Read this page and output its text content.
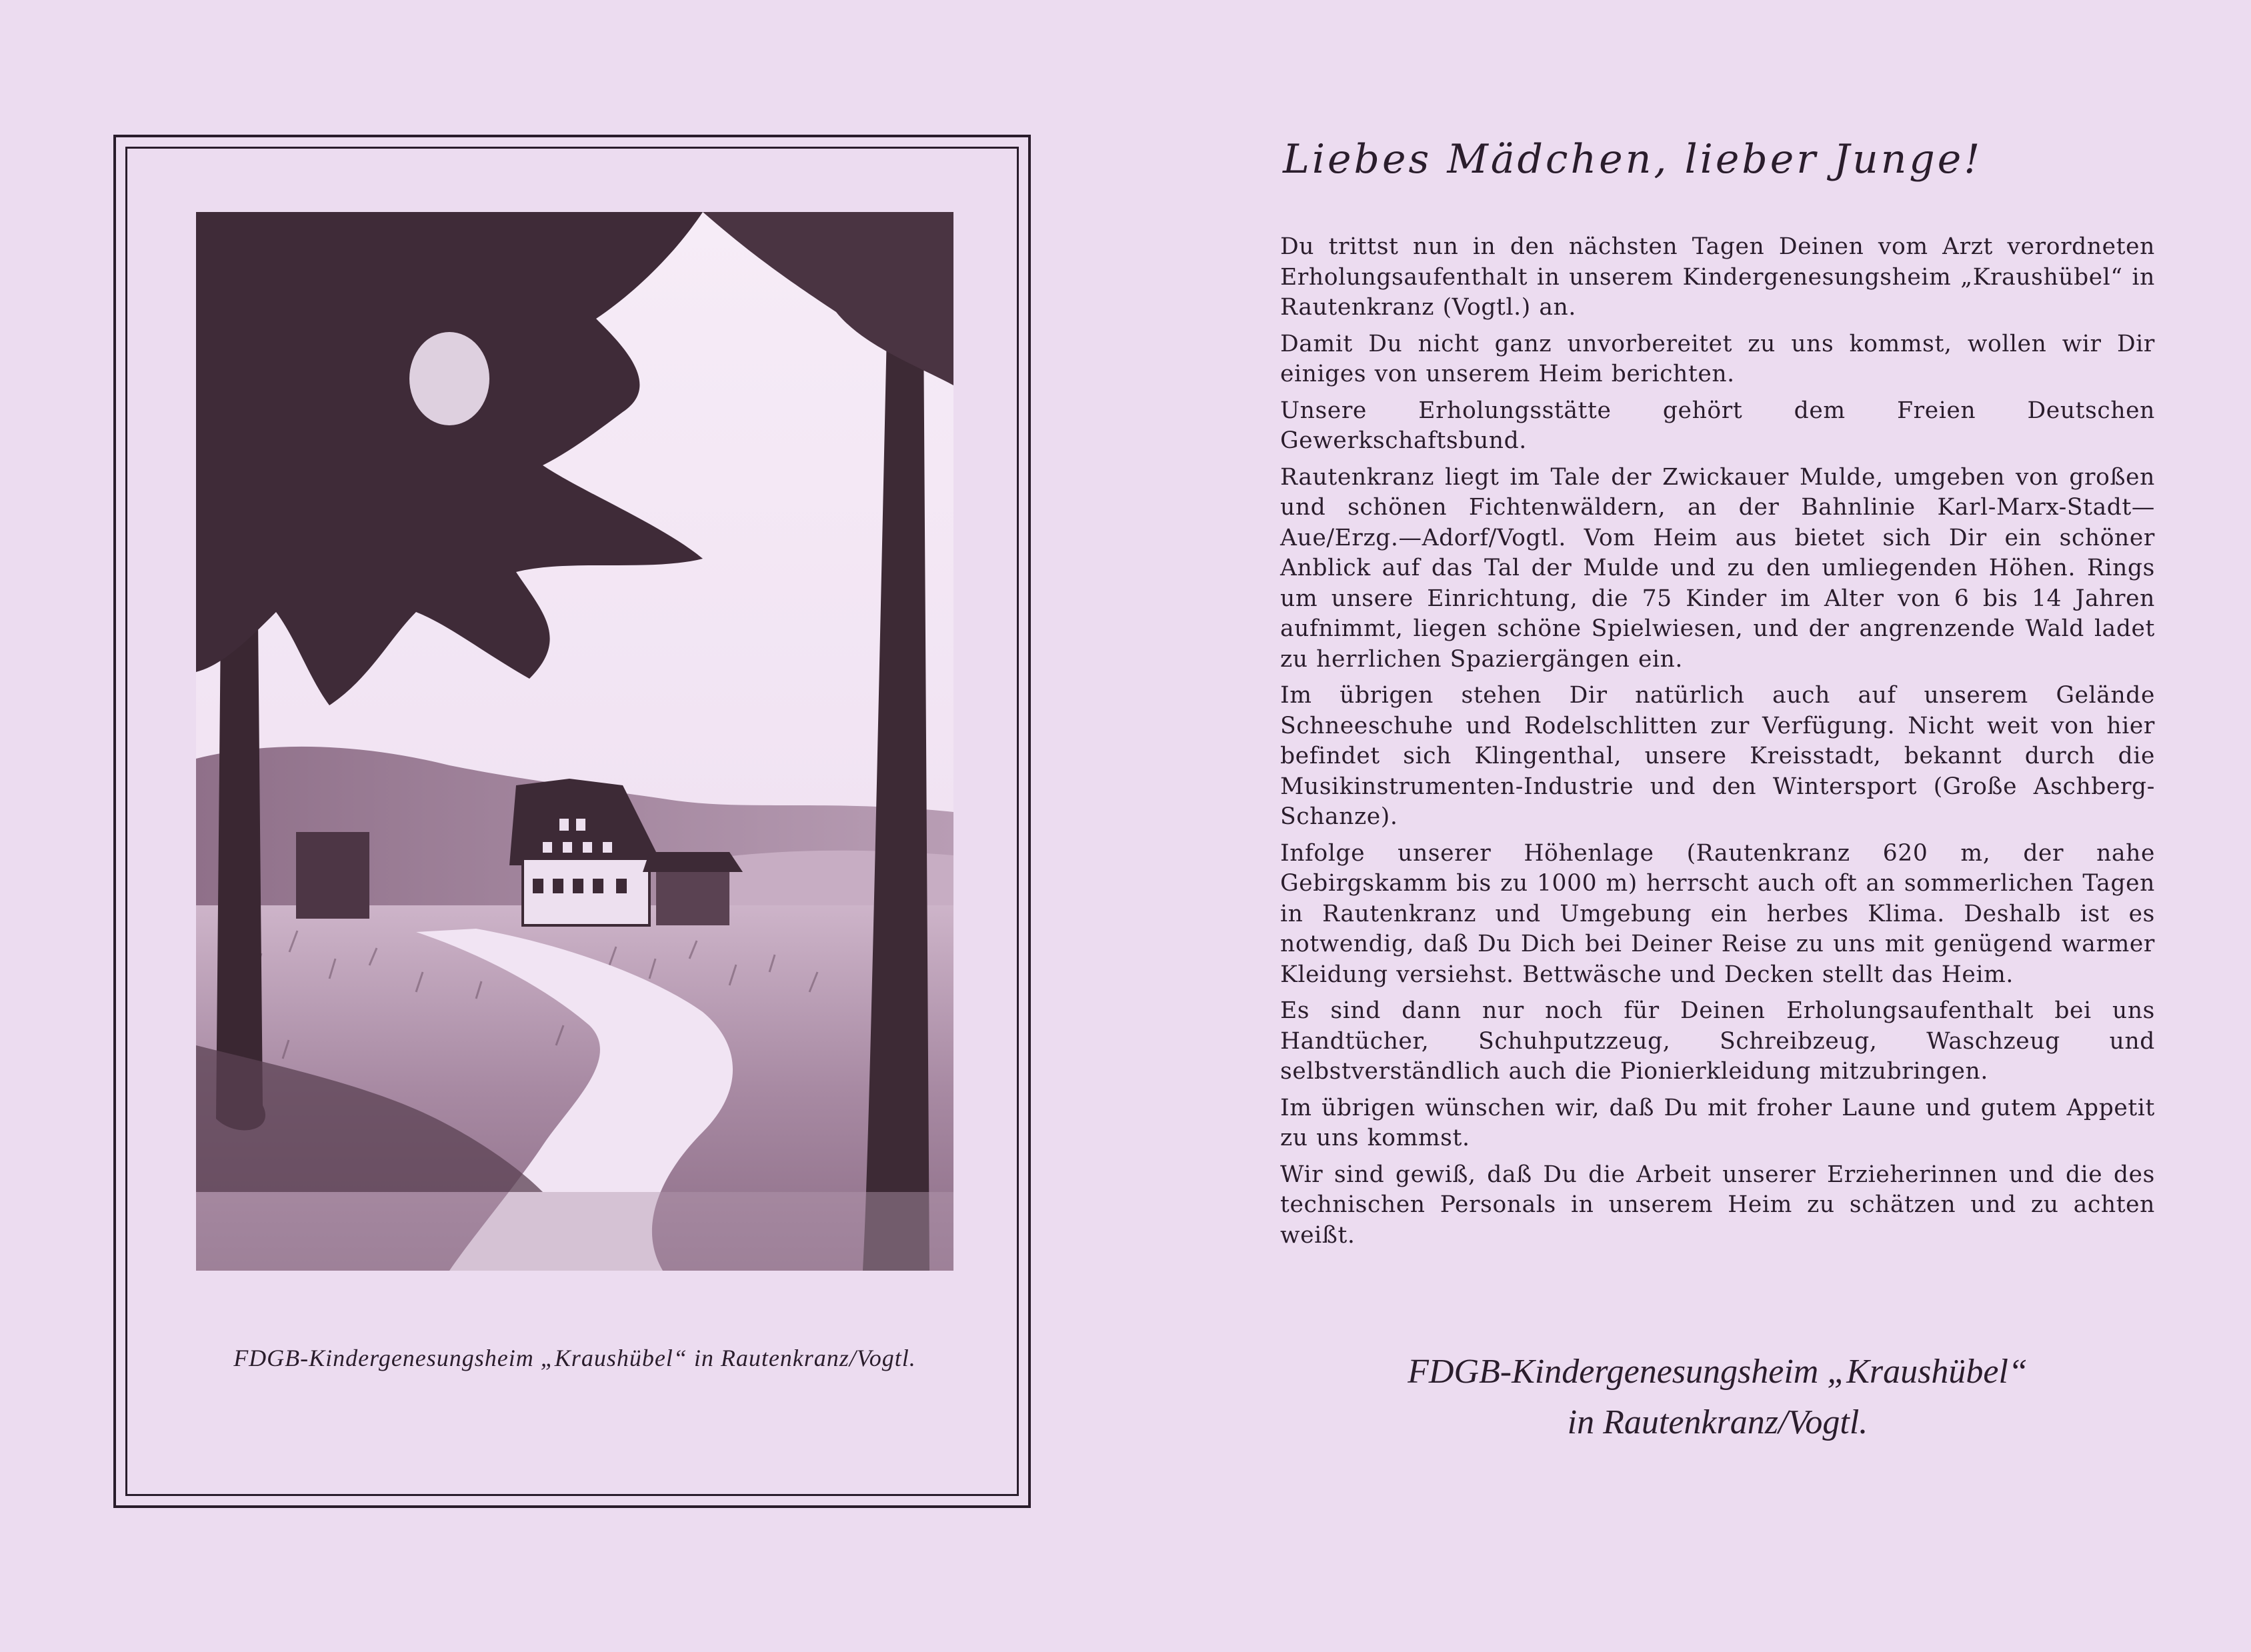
FDGB-Kindergenesungsheim „Kraushübel“ in Rautenkranz/Vogtl.
Liebes Mädchen, lieber Junge!

Du trittst nun in den nächsten Tagen Deinen vom Arzt verordneten Erholungsaufenthalt in unserem Kindergenesungsheim „Kraushübel“ in Rautenkranz (Vogtl.) an.

Damit Du nicht ganz unvorbereitet zu uns kommst, wollen wir Dir einiges von unserem Heim berichten.

Unsere Erholungsstätte gehört dem Freien Deutschen Gewerkschaftsbund.

Rautenkranz liegt im Tale der Zwickauer Mulde, umgeben von großen und schönen Fichtenwäldern, an der Bahnlinie Karl-Marx-Stadt—Aue/Erzg.—Adorf/Vogtl. Vom Heim aus bietet sich Dir ein schöner Anblick auf das Tal der Mulde und zu den umliegenden Höhen. Rings um unsere Einrichtung, die 75 Kinder im Alter von 6 bis 14 Jahren aufnimmt, liegen schöne Spielwiesen, und der angrenzende Wald ladet zu herrlichen Spaziergängen ein.

Im übrigen stehen Dir natürlich auch auf unserem Gelände Schneeschuhe und Rodelschlitten zur Verfügung. Nicht weit von hier befindet sich Klingenthal, unsere Kreisstadt, bekannt durch die Musikinstrumenten-Industrie und den Wintersport (Große Aschberg-Schanze).

Infolge unserer Höhenlage (Rautenkranz 620 m, der nahe Gebirgskamm bis zu 1000 m) herrscht auch oft an sommerlichen Tagen in Rautenkranz und Umgebung ein herbes Klima. Deshalb ist es notwendig, daß Du Dich bei Deiner Reise zu uns mit genügend warmer Kleidung versiehst. Bettwäsche und Decken stellt das Heim.

Es sind dann nur noch für Deinen Erholungsaufenthalt bei uns Handtücher, Schuhputzzeug, Schreibzeug, Waschzeug und selbstverständlich auch die Pionierkleidung mitzubringen.

Im übrigen wünschen wir, daß Du mit froher Laune und gutem Appetit zu uns kommst.

Wir sind gewiß, daß Du die Arbeit unserer Erzieherinnen und die des technischen Personals in unserem Heim zu schätzen und zu achten weißt.

FDGB-Kindergenesungsheim „Kraushübel“
in Rautenkranz/Vogtl.
